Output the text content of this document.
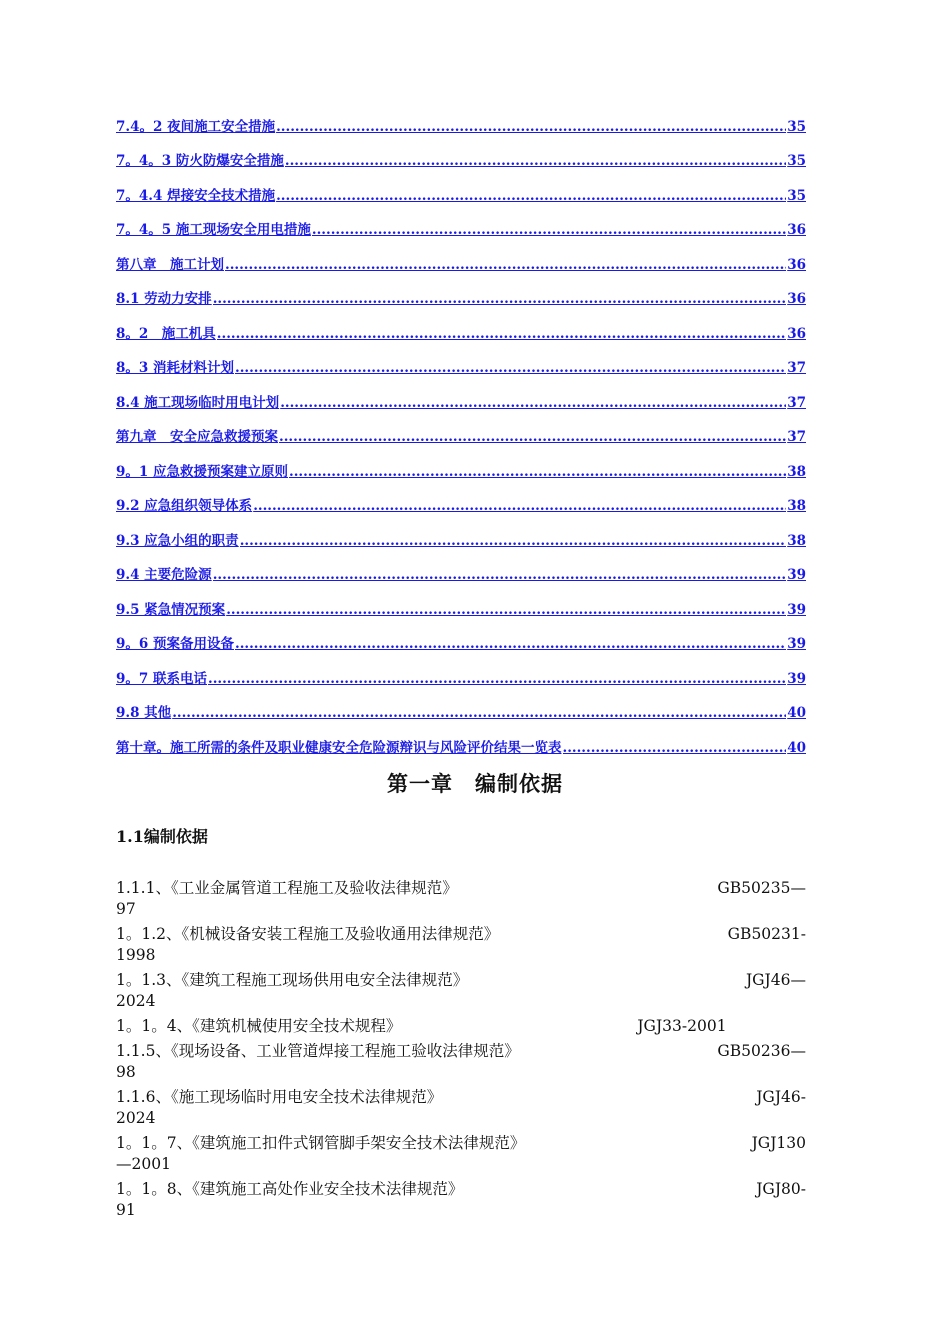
7.4。2 夜间施工安全措施 .....	35
7。4。3 防火防爆安全措施 .....	35
7。4.4 焊接安全技术措施 .....	35
7。4。5 施工现场安全用电措施 .....	36
第八章　施工计划 .....	36
8.1 劳动力安排 .....	36
8。2　施工机具 .....	36
8。3 消耗材料计划 .....	37
8.4 施工现场临时用电计划 .....	37
第九章　安全应急救援预案 .....	37
9。1 应急救援预案建立原则 .....	38
9.2 应急组织领导体系 .....	38
9.3 应急小组的职责 .....	38
9.4 主要危险源 .....	39
9.5 紧急情况预案 .....	39
9。6 预案备用设备 .....	39
9。7 联系电话 .....	39
9.8 其他 .....	40
第十章。施工所需的条件及职业健康安全危险源辩识与风险评价结果一览表 .....	40
第一章　编制依据
1.1编制依据
1.1.1、《工业金属管道工程施工及验收法律规范》	GB50235—
97
1。1.2、《机械设备安装工程施工及验收通用法律规范》	GB50231-
1998
1。1.3、《建筑工程施工现场供用电安全法律规范》	JGJ46—
2024
1。1。4、《建筑机械使用安全技术规程》	JGJ33-2001
1.1.5、《现场设备、工业管道焊接工程施工验收法律规范》	GB50236—
98
1.1.6、《施工现场临时用电安全技术法律规范》	JGJ46-
2024
1。1。7、《建筑施工扣件式钢管脚手架安全技术法律规范》	JGJ130
—2001
1。1。8、《建筑施工高处作业安全技术法律规范》	JGJ80-
91
